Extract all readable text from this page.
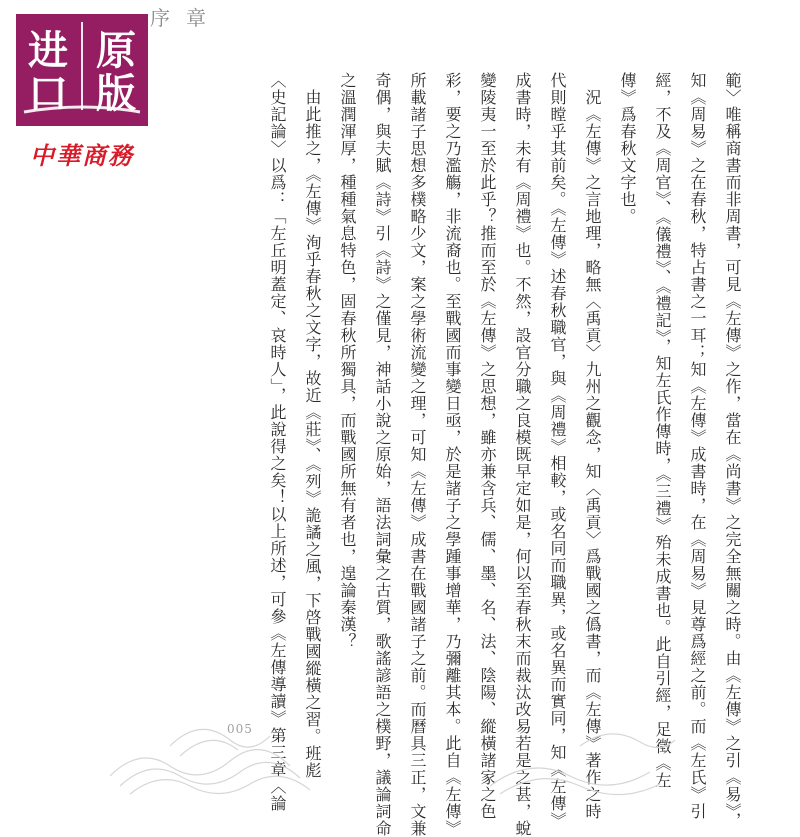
序章
进 原
口 版
中華商務	範〉唯稱商書而非周書，可見《左傳》之作，當在《尚書》之完全無關之時。由《左傳》之引《易》，
知《周易》之在春秋，特占書之一耳；知《左傳》成書時，在《周易》見尊爲經之前。而《左氏》引
經，不及《周官》、《儀禮》、《禮記》，知左氏作傳時，《三禮》殆未成書也。此自引經，足徵《左
傳》爲春秋文字也。
　況《左傳》之言地理，略無〈禹貢〉九州之觀念，知〈禹貢〉爲戰國之僞書，而《左傳》著作之時
代則瞠乎其前矣。《左傳》述春秋職官，與《周禮》相較，或名同而職異，或名異而實同，知《左傳》
成書時，未有《周禮》也。不然，設官分職之良模既早定如是，何以至春秋末而裁汰改易若是之甚，蛻
變陵夷一至於此乎？推而至於《左傳》之思想，雖亦兼含兵、儒、墨、名、法、陰陽、縱橫諸家之色
彩，要之乃濫觴，非流裔也。至戰國而事變日亟，於是諸子之學踵事增華，乃彌離其本。此自《左傳》
所載諸子思想多樸略少文，案之學術流變之理，可知《左傳》成書在戰國諸子之前。而曆具三正，文兼
奇偶，與夫賦《詩》引《詩》之僅見，神話小說之原始，語法詞彙之古質，歌謠諺語之樸野，議論詞命
之溫潤渾厚，種種氣息特色，固春秋所獨具，而戰國所無有者也，遑論秦漢？
　由此推之，《左傳》洵乎春秋之文字，故近《莊》、《列》詭譎之風，下啓戰國縱橫之習。班彪
〈史記論〉以爲：「左丘明蓋定、哀時人」，此說得之矣！以上所述，可參《左傳導讀》第三章〈論
005
